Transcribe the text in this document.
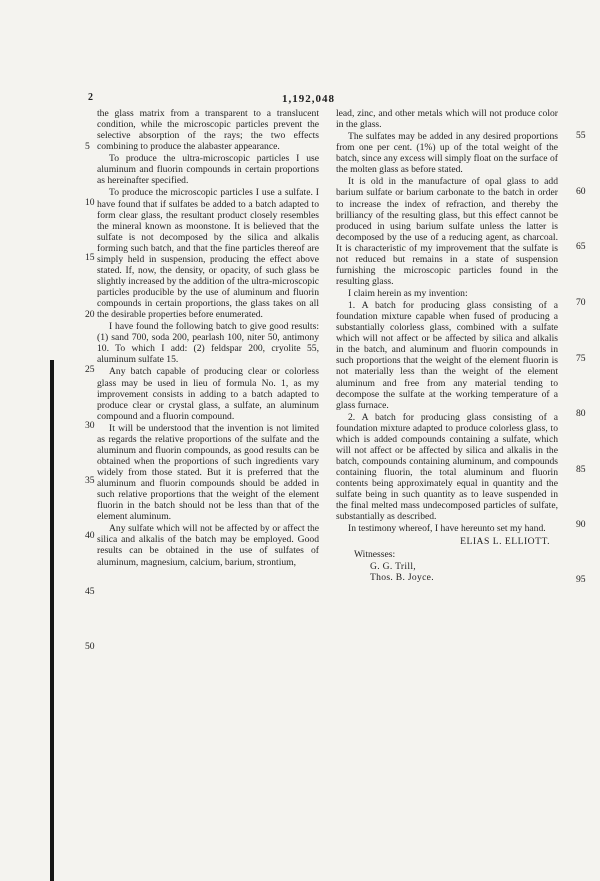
2	1,192,048
5
10
15
20
25
30
35
40
45
50
55
60
65
70
75
80
85
90
95

the glass matrix from a transparent to a translucent condition, while the microscopic particles prevent the selective absorption of the rays; the two effects combining to produce the alabaster appearance.

To produce the ultra-microscopic particles I use aluminum and fluorin compounds in certain proportions as hereinafter specified.

To produce the microscopic particles I use a sulfate. I have found that if sulfates be added to a batch adapted to form clear glass, the resultant product closely resembles the mineral known as moonstone. It is believed that the sulfate is not decomposed by the silica and alkalis forming such batch, and that the fine particles thereof are simply held in suspension, producing the effect above stated. If, now, the density, or opacity, of such glass be slightly increased by the addition of the ultra-microscopic particles producible by the use of aluminum and fluorin compounds in certain proportions, the glass takes on all the desirable properties before enumerated.

I have found the following batch to give good results: (1) sand 700, soda 200, pearlash 100, niter 50, antimony 10. To which I add: (2) feldspar 200, cryolite 55, aluminum sulfate 15.

Any batch capable of producing clear or colorless glass may be used in lieu of formula No. 1, as my improvement consists in adding to a batch adapted to produce clear or crystal glass, a sulfate, an aluminum compound and a fluorin compound.

It will be understood that the invention is not limited as regards the relative proportions of the sulfate and the aluminum and fluorin compounds, as good results can be obtained when the proportions of such ingredients vary widely from those stated. But it is preferred that the aluminum and fluorin compounds should be added in such relative proportions that the weight of the element fluorin in the batch should not be less than that of the element aluminum.

Any sulfate which will not be affected by or affect the silica and alkalis of the batch may be employed. Good results can be obtained in the use of sulfates of aluminum, magnesium, calcium, barium, strontium,

lead, zinc, and other metals which will not produce color in the glass.

The sulfates may be added in any desired proportions from one per cent. (1%) up of the total weight of the batch, since any excess will simply float on the surface of the molten glass as before stated.

It is old in the manufacture of opal glass to add barium sulfate or barium carbonate to the batch in order to increase the index of refraction, and thereby the brilliancy of the resulting glass, but this effect cannot be produced in using barium sulfate unless the latter is decomposed by the use of a reducing agent, as charcoal. It is characteristic of my improvement that the sulfate is not reduced but remains in a state of suspension furnishing the microscopic particles found in the resulting glass.

I claim herein as my invention:

1. A batch for producing glass consisting of a foundation mixture capable when fused of producing a substantially colorless glass, combined with a sulfate which will not affect or be affected by silica and alkalis in the batch, and aluminum and fluorin compounds in such proportions that the weight of the element fluorin is not materially less than the weight of the element aluminum and free from any material tending to decompose the sulfate at the working temperature of a glass furnace.

2. A batch for producing glass consisting of a foundation mixture adapted to produce colorless glass, to which is added compounds containing a sulfate, which will not affect or be affected by silica and alkalis in the batch, compounds containing aluminum, and compounds containing fluorin, the total aluminum and fluorin contents being approximately equal in quantity and the sulfate being in such quantity as to leave suspended in the final melted mass undecomposed particles of sulfate, substantially as described.

In testimony whereof, I have hereunto set my hand.

ELIAS L. ELLIOTT.

Witnesses:

G. G. Trill,

Thos. B. Joyce.
